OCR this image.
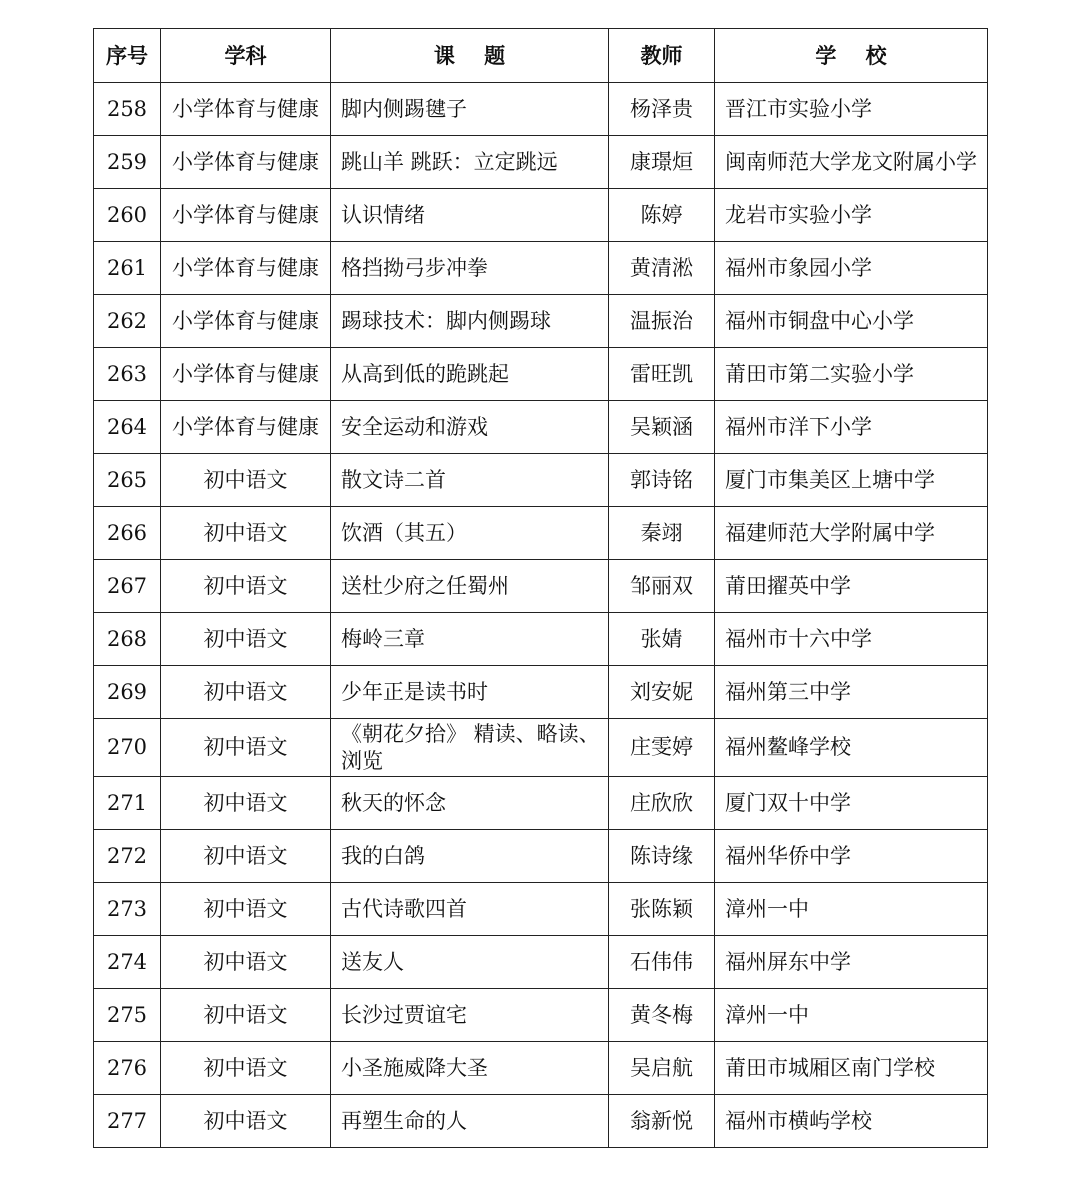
序号	学科	课    题	教师	学    校
258	小学体育与健康	脚内侧踢毽子	杨泽贵	晋江市实验小学
259	小学体育与健康	跳山羊 跳跃：立定跳远	康璟烜	闽南师范大学龙文附属小学
260	小学体育与健康	认识情绪	陈婷	龙岩市实验小学
261	小学体育与健康	格挡拗弓步冲拳	黄清淞	福州市象园小学
262	小学体育与健康	踢球技术：脚内侧踢球	温振治	福州市铜盘中心小学
263	小学体育与健康	从高到低的跪跳起	雷旺凯	莆田市第二实验小学
264	小学体育与健康	安全运动和游戏	吴颖涵	福州市洋下小学
265	初中语文	散文诗二首	郭诗铭	厦门市集美区上塘中学
266	初中语文	饮酒（其五）	秦翊	福建师范大学附属中学
267	初中语文	送杜少府之任蜀州	邹丽双	莆田擢英中学
268	初中语文	梅岭三章	张婧	福州市十六中学
269	初中语文	少年正是读书时	刘安妮	福州第三中学
270	初中语文	《朝花夕拾》 精读、略读、浏览	庄雯婷	福州鳌峰学校
271	初中语文	秋天的怀念	庄欣欣	厦门双十中学
272	初中语文	我的白鸽	陈诗缘	福州华侨中学
273	初中语文	古代诗歌四首	张陈颖	漳州一中
274	初中语文	送友人	石伟伟	福州屏东中学
275	初中语文	长沙过贾谊宅	黄冬梅	漳州一中
276	初中语文	小圣施威降大圣	吴启航	莆田市城厢区南门学校
277	初中语文	再塑生命的人	翁新悦	福州市横屿学校
